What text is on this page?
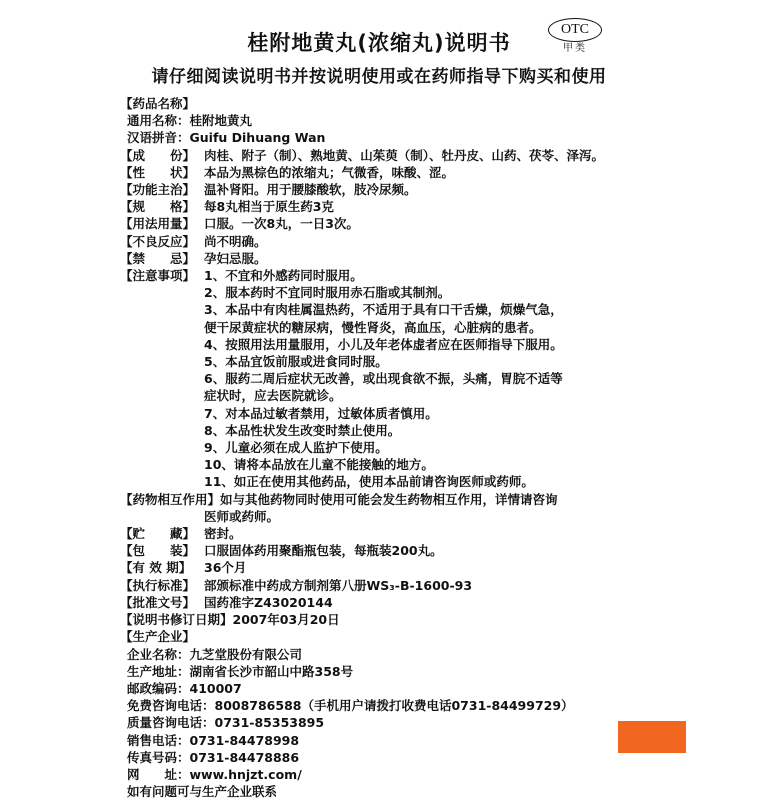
桂附地黄丸(浓缩丸)说明书
OTC
甲类
请仔细阅读说明书并按说明使用或在药师指导下购买和使用
【药品名称】
通用名称：桂附地黄丸
汉语拼音：Guifu Dihuang Wan
【成　　份】 肉桂、附子（制）、熟地黄、山茱萸（制）、牡丹皮、山药、茯苓、泽泻。
【性　　状】 本品为黑棕色的浓缩丸；气微香，味酸、涩。
【功能主治】 温补肾阳。用于腰膝酸软，肢冷尿频。
【规　　格】 每8丸相当于原生药3克
【用法用量】 口服。一次8丸，一日3次。
【不良反应】 尚不明确。
【禁　　忌】 孕妇忌服。
【注意事项】 1、不宜和外感药同时服用。
2、服本药时不宜同时服用赤石脂或其制剂。
3、本品中有肉桂属温热药，不适用于具有口干舌燥，烦燥气急，
便干尿黄症状的糖尿病，慢性肾炎，高血压，心脏病的患者。
4、按照用法用量服用，小儿及年老体虚者应在医师指导下服用。
5、本品宜饭前服或进食同时服。
6、服药二周后症状无改善，或出现食欲不振，头痛，胃脘不适等
症状时，应去医院就诊。
7、对本品过敏者禁用，过敏体质者慎用。
8、本品性状发生改变时禁止使用。
9、儿童必须在成人监护下使用。
10、请将本品放在儿童不能接触的地方。
11、如正在使用其他药品，使用本品前请咨询医师或药师。
【药物相互作用】 如与其他药物同时使用可能会发生药物相互作用，详情请咨询
医师或药师。
【贮　　藏】 密封。
【包　　装】 口服固体药用聚酯瓶包装，每瓶装200丸。
【有 效 期】	36个月
【执行标准】 部颁标准中药成方制剂第八册WS₃-B-1600-93
【批准文号】 国药准字Z43020144
【说明书修订日期】 2007年03月20日
【生产企业】
企业名称：九芝堂股份有限公司
生产地址：湖南省长沙市韶山中路358号
邮政编码：410007
免费咨询电话：8008786588（手机用户请拨打收费电话0731-84499729）
质量咨询电话：0731-85353895
销售电话：0731-84478998
传真号码：0731-84478886
网　　址：www.hnjzt.com/
如有问题可与生产企业联系
